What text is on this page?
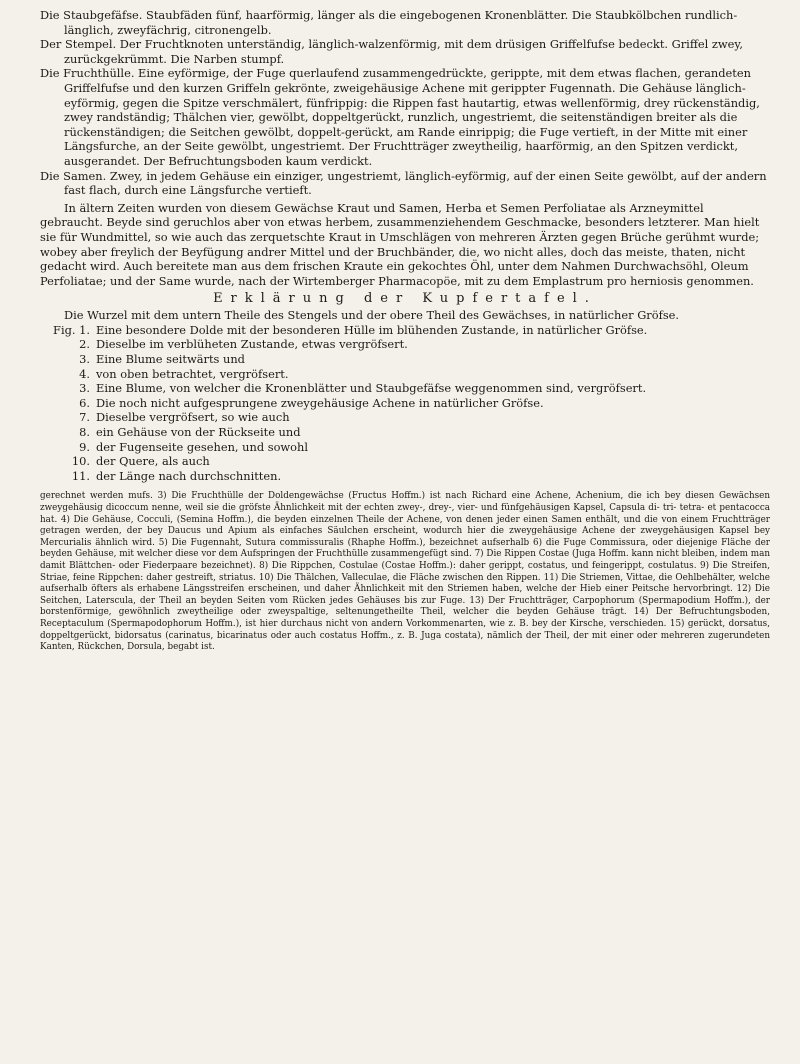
Die Staubgefäfse. Staubfäden fünf, haarförmig, länger als die eingebogenen Kronenblätter. Die Staubkölbchen rundlich-länglich, zweyfächrig, citronengelb.

Der Stempel. Der Fruchtknoten unterständig, länglich-walzenförmig, mit dem drüsigen Griffelfufse bedeckt. Griffel zwey, zurückgekrümmt. Die Narben stumpf.

Die Fruchthülle. Eine eyförmige, der Fuge querlaufend zusammengedrückte, gerippte, mit dem etwas flachen, gerandeten Griffelfufse und den kurzen Griffeln gekrönte, zweigehäusige Achene mit gerippter Fugennath. Die Gehäuse länglich-eyförmig, gegen die Spitze verschmälert, fünfrippig: die Rippen fast hautartig, etwas wellenförmig, drey rückenständig, zwey randständig; Thälchen vier, gewölbt, doppeltgerückt, runzlich, ungestriemt, die seitenständigen breiter als die rückenständigen; die Seitchen gewölbt, doppelt-gerückt, am Rande einrippig; die Fuge vertieft, in der Mitte mit einer Längsfurche, an der Seite gewölbt, ungestriemt. Der Fruchtträger zweytheilig, haarförmig, an den Spitzen verdickt, ausgerandet. Der Befruchtungsboden kaum verdickt.

Die Samen. Zwey, in jedem Gehäuse ein einziger, ungestriemt, länglich-eyförmig, auf der einen Seite gewölbt, auf der andern fast flach, durch eine Längsfurche vertieft.

In ältern Zeiten wurden von diesem Gewächse Kraut und Samen, Herba et Semen Perfoliatae als Arzneymittel gebraucht. Beyde sind geruchlos aber von etwas herbem, zusammenziehendem Geschmacke, besonders letzterer. Man hielt sie für Wundmittel, so wie auch das zerquetschte Kraut in Umschlägen von mehreren Ärzten gegen Brüche gerühmt wurde; wobey aber freylich der Beyfügung andrer Mittel und der Bruchbänder, die, wo nicht alles, doch das meiste, thaten, nicht gedacht wird. Auch bereitete man aus dem frischen Kraute ein gekochtes Öhl, unter dem Nahmen Durchwachsöhl, Oleum Perfoliatae; und der Same wurde, nach der Wirtemberger Pharmacopöe, mit zu dem Emplastrum pro herniosis genommen.

Erklärung der Kupfertafel.

Die Wurzel mit dem untern Theile des Stengels und der obere Theil des Gewächses, in natürlicher Gröfse.

Fig. 1. Eine besondere Dolde mit der besonderen Hülle im blühenden Zustande, in natürlicher Gröfse.
2. Dieselbe im verblüheten Zustande, etwas vergröfsert.
3. Eine Blume seitwärts und
4. von oben betrachtet, vergröfsert.
3. Eine Blume, von welcher die Kronenblätter und Staubgefäfse weggenommen sind, vergröfsert.
6. Die noch nicht aufgesprungene zweygehäusige Achene in natürlicher Gröfse.
7. Dieselbe vergröfsert, so wie auch
8. ein Gehäuse von der Rückseite und
9. der Fugenseite gesehen, und sowohl
10. der Quere, als auch
11. der Länge nach durchschnitten.

gerechnet werden mufs. 3) Die Fruchthülle der Doldengewächse (Fructus Hoffm.) ist nach Richard eine Achene, Achenium, die ich bey diesen Gewächsen zweygehäusig dicoccum nenne, weil sie die gröfste Ähnlichkeit mit der echten zwey-, drey-, vier- und fünfgehäusigen Kapsel, Capsula di- tri- tetra- et pentacocca hat. 4) Die Gehäuse, Cocculi, (Semina Hoffm.), die beyden einzelnen Theile der Achene, von denen jeder einen Samen enthält, und die von einem Fruchtträger getragen werden, der bey Daucus und Apium als einfaches Säulchen erscheint, wodurch hier die zweygehäusige Achene der zweygehäusigen Kapsel bey Mercurialis ähnlich wird. 5) Die Fugennaht, Sutura commissuralis (Rhaphe Hoffm.), bezeichnet aufserhalb 6) die Fuge Commissura, oder diejenige Fläche der beyden Gehäuse, mit welcher diese vor dem Aufspringen der Fruchthülle zusammengefügt sind. 7) Die Rippen Costae (Juga Hoffm. kann nicht bleiben, indem man damit Blättchen- oder Fiederpaare bezeichnet). 8) Die Rippchen, Costulae (Costae Hoffm.): daher gerippt, costatus, und feingerippt, costulatus. 9) Die Streifen, Striae, feine Rippchen: daher gestreift, striatus. 10) Die Thälchen, Valleculae, die Fläche zwischen den Rippen. 11) Die Striemen, Vittae, die Oehlbehälter, welche aufserhalb öfters als erhabene Längsstreifen erscheinen, und daher Ähnlichkeit mit den Striemen haben, welche der Hieb einer Peitsche hervorbringt. 12) Die Seitchen, Laterscula, der Theil an beyden Seiten vom Rücken jedes Gehäuses bis zur Fuge. 13) Der Fruchtträger, Carpophorum (Spermapodium Hoffm.), der borstenförmige, gewöhnlich zweytheilige oder zweyspaltige, seltenungetheilte Theil, welcher die beyden Gehäuse trägt. 14) Der Befruchtungsboden, Receptaculum (Spermapodophorum Hoffm.), ist hier durchaus nicht von andern Vorkommenarten, wie z. B. bey der Kirsche, verschieden. 15) gerückt, dorsatus, doppeltgerückt, bidorsatus (carinatus, bicarinatus oder auch costatus Hoffm., z. B. Juga costata), nämlich der Theil, der mit einer oder mehreren zugerundeten Kanten, Rückchen, Dorsula, begabt ist.
